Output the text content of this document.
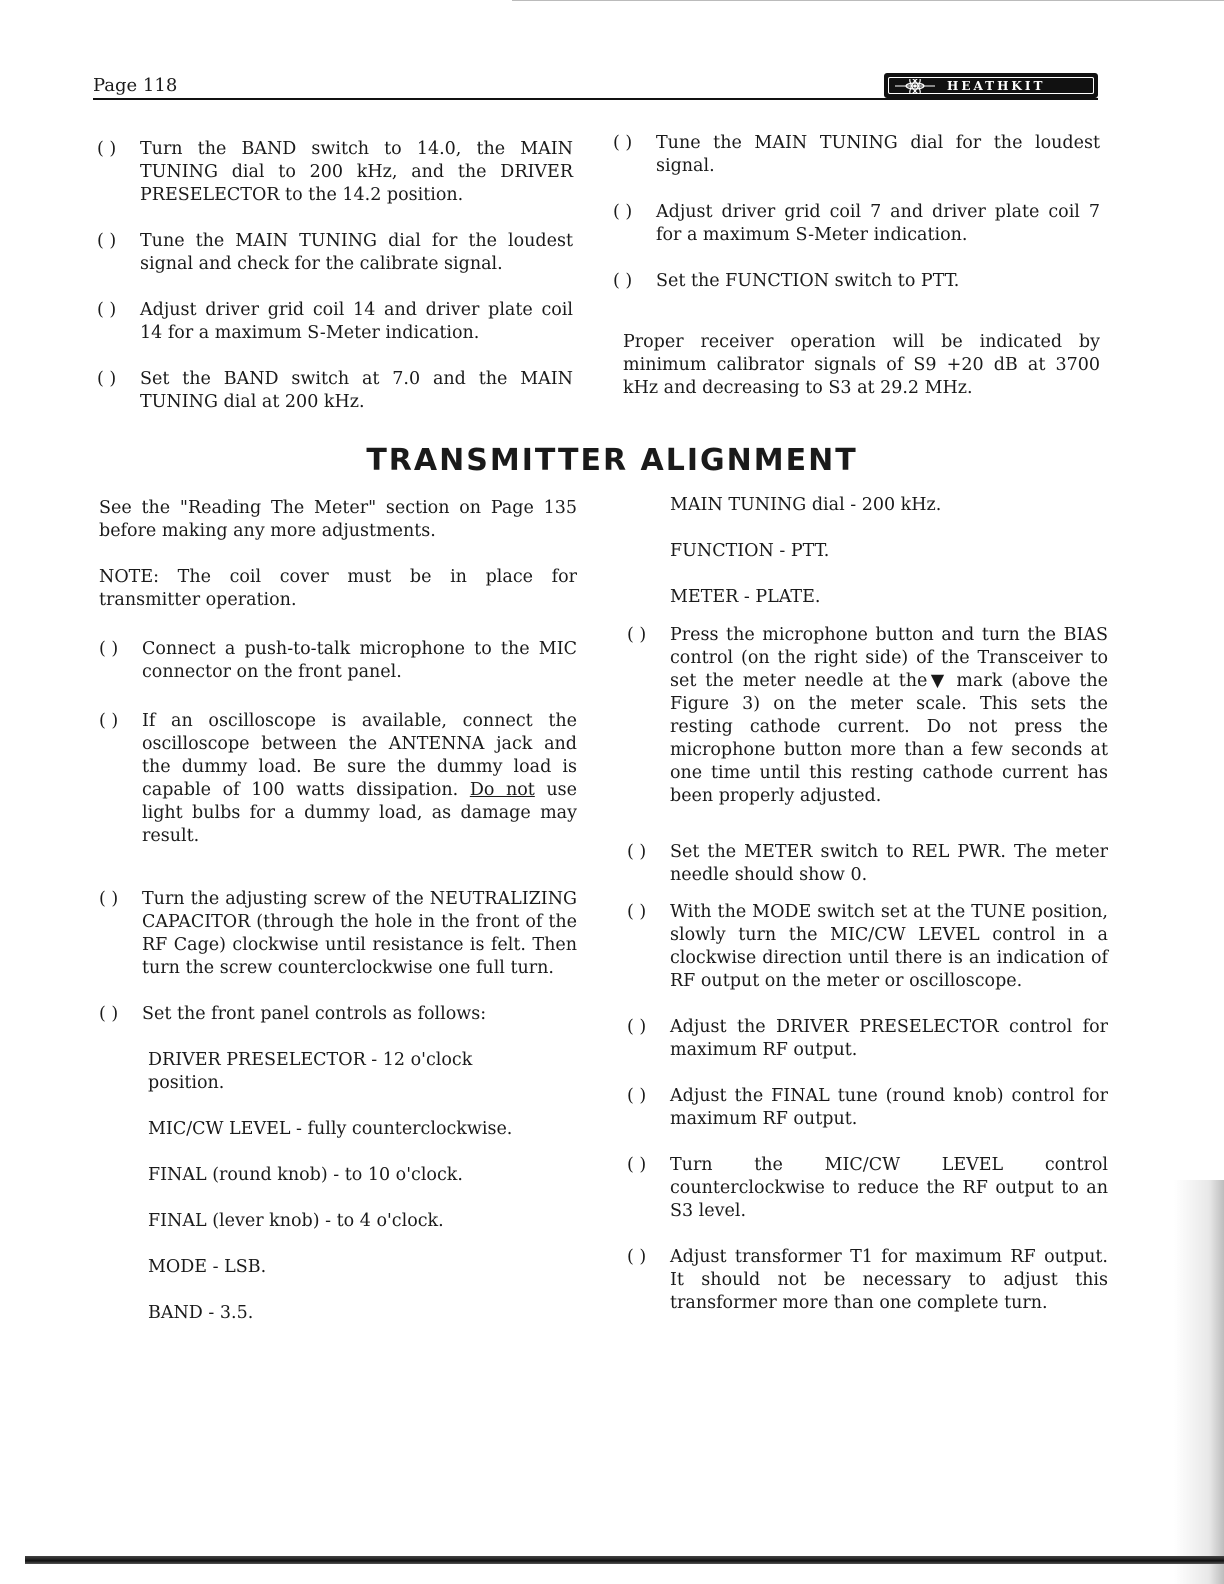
Page 118	HEATHKIT
( ) Turn the BAND switch to 14.0, the MAIN TUNING dial to 200 kHz, and the DRIVER PRESELECTOR to the 14.2 position.
( ) Tune the MAIN TUNING dial for the loudest signal and check for the calibrate signal.
( ) Adjust driver grid coil 14 and driver plate coil 14 for a maximum S-Meter indication.
( ) Set the BAND switch at 7.0 and the MAIN TUNING dial at 200 kHz.
( ) Tune the MAIN TUNING dial for the loudest signal.
( ) Adjust driver grid coil 7 and driver plate coil 7 for a maximum S-Meter indication.
( ) Set the FUNCTION switch to PTT.
Proper receiver operation will be indicated by minimum calibrator signals of S9 +20 dB at 3700 kHz and decreasing to S3 at 29.2 MHz.
TRANSMITTER ALIGNMENT
See the "Reading The Meter" section on Page 135 before making any more adjustments.
NOTE: The coil cover must be in place for transmitter operation.
( ) Connect a push-to-talk microphone to the MIC connector on the front panel.
( ) If an oscilloscope is available, connect the oscilloscope between the ANTENNA jack and the dummy load. Be sure the dummy load is capable of 100 watts dissipation. Do not use light bulbs for a dummy load, as damage may result.
( ) Turn the adjusting screw of the NEUTRALIZING CAPACITOR (through the hole in the front of the RF Cage) clockwise until resistance is felt. Then turn the screw counterclockwise one full turn.
( ) Set the front panel controls as follows:
DRIVER PRESELECTOR - 12 o'clock position.
MIC/CW LEVEL - fully counterclockwise.
FINAL (round knob) - to 10 o'clock.
FINAL (lever knob) - to 4 o'clock.
MODE - LSB.
BAND - 3.5.
MAIN TUNING dial - 200 kHz.
FUNCTION - PTT.
METER - PLATE.
( ) Press the microphone button and turn the BIAS control (on the right side) of the Transceiver to set the meter needle at the▼ mark (above the Figure 3) on the meter scale. This sets the resting cathode current. Do not press the microphone button more than a few seconds at one time until this resting cathode current has been properly adjusted.
( ) Set the METER switch to REL PWR. The meter needle should show 0.
( ) With the MODE switch set at the TUNE position, slowly turn the MIC/CW LEVEL control in a clockwise direction until there is an indication of RF output on the meter or oscilloscope.
( ) Adjust the DRIVER PRESELECTOR control for maximum RF output.
( ) Adjust the FINAL tune (round knob) control for maximum RF output.
( ) Turn the MIC/CW LEVEL control counterclockwise to reduce the RF output to an S3 level.
( ) Adjust transformer T1 for maximum RF output. It should not be necessary to adjust this transformer more than one complete turn.
